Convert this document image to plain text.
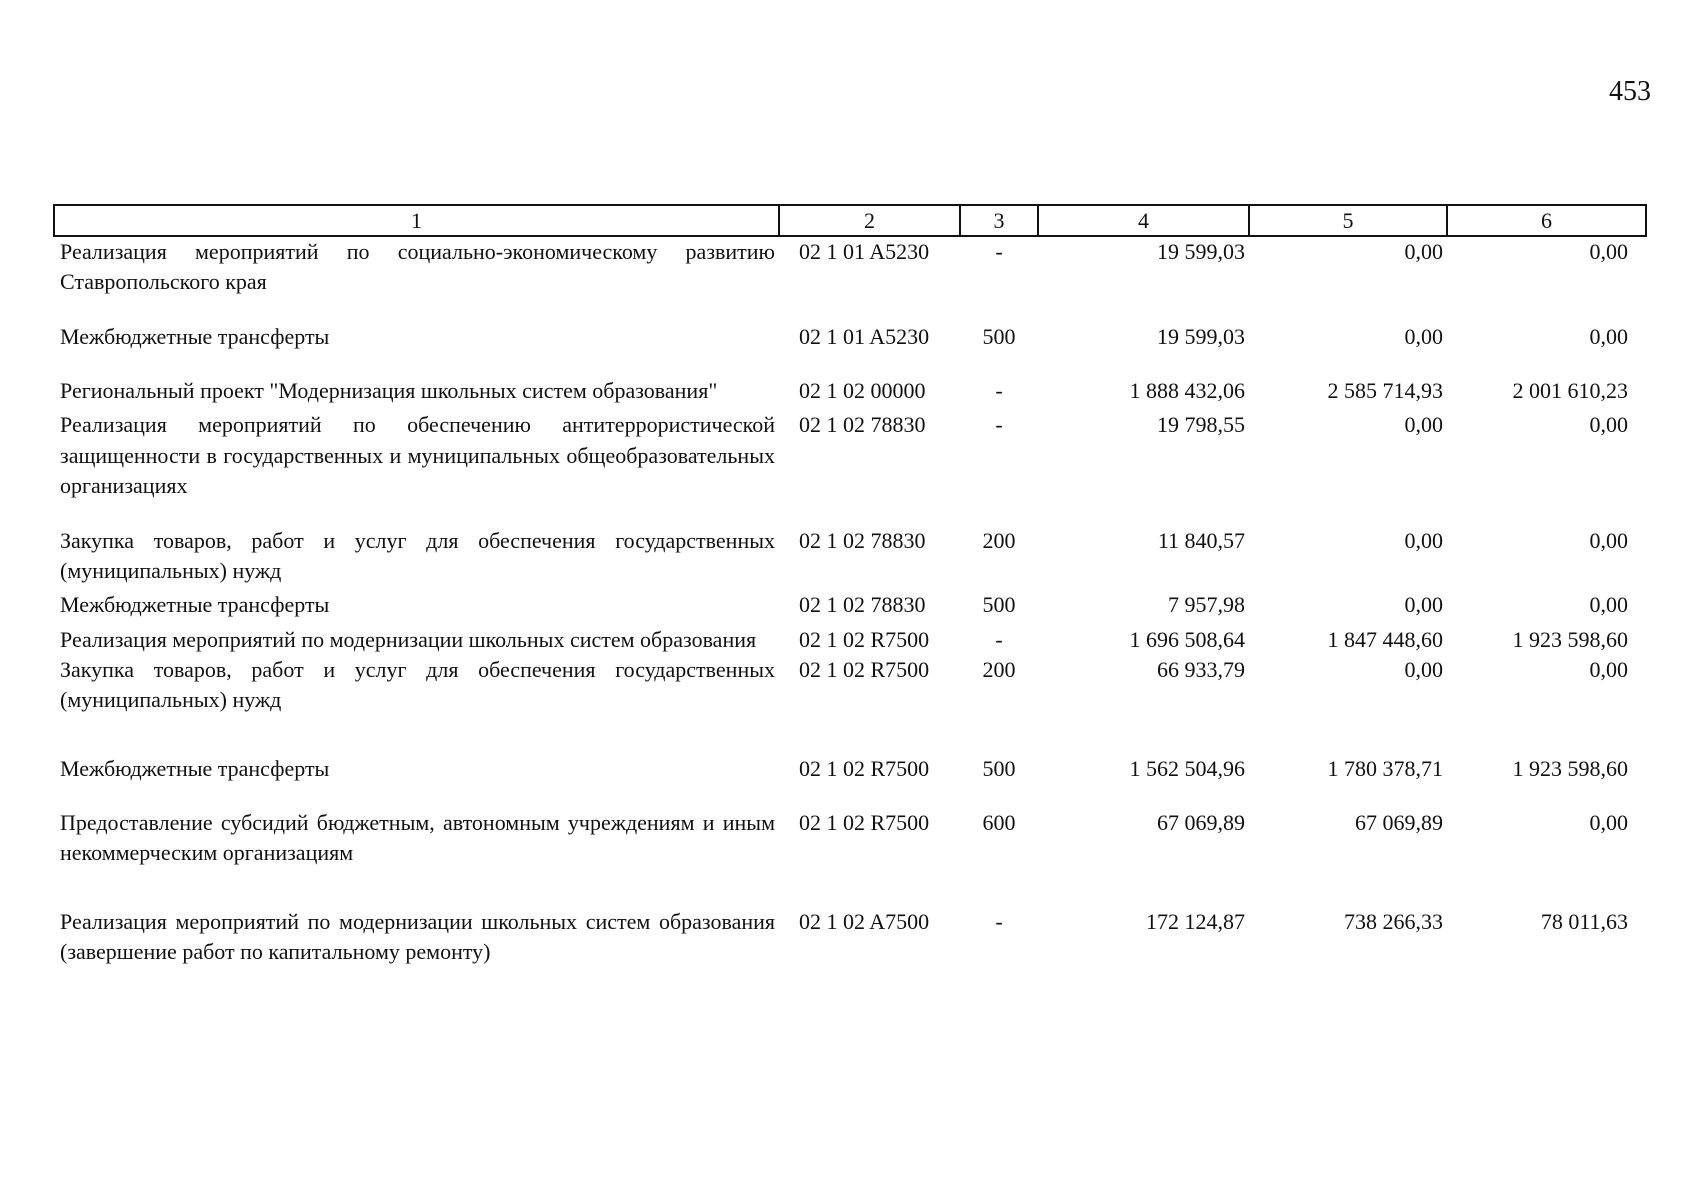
453
1	2	3	4	5	6
Реализация мероприятий по социально-экономическому развитию Ставропольского края	02 1 01 A5230	-	19 599,03	0,00	0,00
Межбюджетные трансферты	02 1 01 A5230	500	19 599,03	0,00	0,00
Региональный проект "Модернизация школьных систем образования"	02 1 02 00000	-	1 888 432,06	2 585 714,93	2 001 610,23
Реализация мероприятий по обеспечению антитеррористической защищенности в государственных и муниципальных общеобразовательных организациях	02 1 02 78830	-	19 798,55	0,00	0,00
Закупка товаров, работ и услуг для обеспечения государственных (муниципальных) нужд	02 1 02 78830	200	11 840,57	0,00	0,00
Межбюджетные трансферты	02 1 02 78830	500	7 957,98	0,00	0,00
Реализация мероприятий по модернизации школьных систем образования	02 1 02 R7500	-	1 696 508,64	1 847 448,60	1 923 598,60
Закупка товаров, работ и услуг для обеспечения государственных (муниципальных) нужд	02 1 02 R7500	200	66 933,79	0,00	0,00
Межбюджетные трансферты	02 1 02 R7500	500	1 562 504,96	1 780 378,71	1 923 598,60
Предоставление субсидий бюджетным, автономным учреждениям и иным некоммерческим организациям	02 1 02 R7500	600	67 069,89	67 069,89	0,00
Реализация мероприятий по модернизации школьных систем образования (завершение работ по капитальному ремонту)	02 1 02 A7500	-	172 124,87	738 266,33	78 011,63
